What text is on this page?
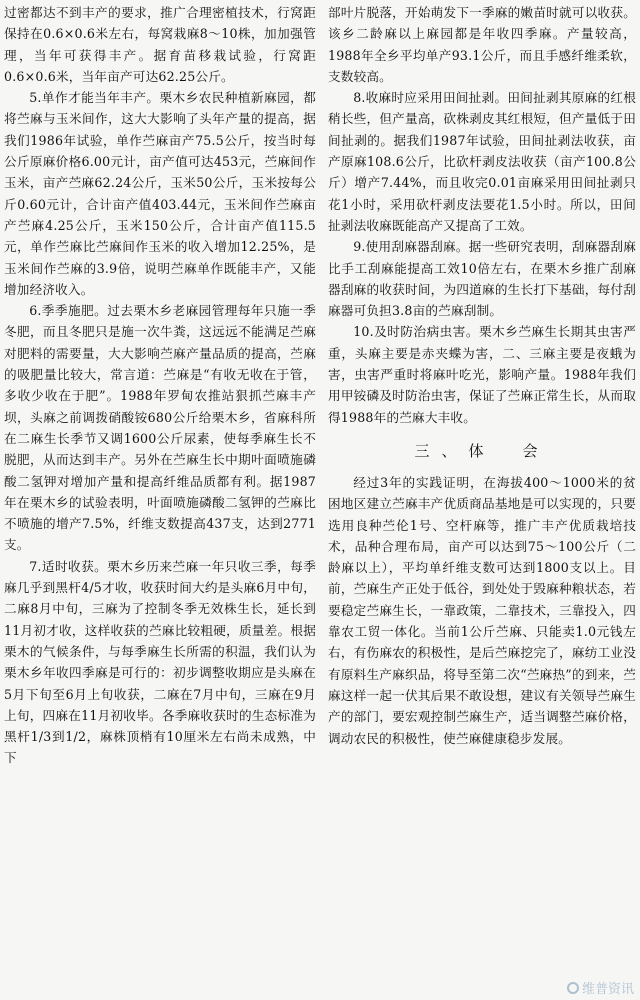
过密都达不到丰产的要求，推广合理密植技术，行窝距保持在0.6×0.6米左右，每窝栽麻8～10株，加加强管理，当年可获得丰产。据育苗移栽试验，行窝距0.6×0.6米，当年亩产可达62.25公斤。

5.单作才能当年丰产。栗木乡农民种植新麻园，都将苎麻与玉米间作，这大大影响了头年产量的提高，据我们1986年试验，单作苎麻亩产75.5公斤，按当时每公斤原麻价格6.00元计，亩产值可达453元，苎麻间作玉米，亩产苎麻62.24公斤，玉米50公斤，玉米按每公斤0.60元计，合计亩产值403.44元，玉米间作苎麻亩产苎麻4.25公斤，玉米150公斤，合计亩产值115.5元，单作苎麻比苎麻间作玉米的收入增加12.25%，是玉米间作苎麻的3.9倍，说明苎麻单作既能丰产，又能增加经济收入。

6.季季施肥。过去栗木乡老麻园管理每年只施一季冬肥，而且冬肥只是施一次牛粪，这远远不能满足苎麻对肥料的需要量，大大影响苎麻产量品质的提高，苎麻的吸肥量比较大，常言道：苎麻是“有收无收在于管，多收少收在于肥”。1988年罗甸农推站狠抓苎麻丰产坝，头麻之前调拨硝酸铵680公斤给栗木乡，省麻科所在二麻生长季节又调1600公斤尿素，使每季麻生长不脱肥，从而达到丰产。另外在苎麻生长中期叶面喷施磷酸二氢钾对增加产量和提高纤维品质都有利。据1987年在栗木乡的试验表明，叶面喷施磷酸二氢钾的苎麻比不喷施的增产7.5%，纤维支数提高437支，达到2771支。

7.适时收获。栗木乡历来苎麻一年只收三季，每季麻几乎到黑杆4/5才收，收获时间大约是头麻6月中旬，二麻8月中旬，三麻为了控制冬季无效株生长，延长到11月初才收，这样收获的苎麻比较粗硬，质量差。根据栗木的气候条件，与每季麻生长所需的积温，我们认为栗木乡年收四季麻是可行的：初步调整收期应是头麻在5月下旬至6月上旬收获，二麻在7月中旬，三麻在9月上旬，四麻在11月初收毕。各季麻收获时的生态标准为黑杆1/3到1/2，麻株顶梢有10厘米左右尚未成熟，中下

部叶片脱落，开始萌发下一季麻的嫩苗时就可以收获。该乡二龄麻以上麻园都是年收四季麻。产量较高，1988年全乡平均单产93.1公斤，而且手感纤维柔软，支数较高。

8.收麻时应采用田间扯剥。田间扯剥其原麻的红根稍长些，但产量高，砍株剥皮其红根短，但产量低于田间扯剥的。据我们1987年试验，田间扯剥法收获，亩产原麻108.6公斤，比砍杆剥皮法收获（亩产100.8公斤）增产7.44%，而且收完0.01亩麻采用田间扯剥只花1小时，采用砍杆剥皮法要花1.5小时。所以，田间扯剥法收麻既能高产又提高了工效。

9.使用刮麻器刮麻。据一些研究表明，刮麻器刮麻比手工刮麻能提高工效10倍左右，在栗木乡推广刮麻器刮麻的收获时间，为四道麻的生长打下基础，每付刮麻器可负担3.8亩的苎麻刮制。

10.及时防治病虫害。栗木乡苎麻生长期其虫害严重，头麻主要是赤夹蝶为害，二、三麻主要是夜蛾为害，虫害严重时将麻叶吃光，影响产量。1988年我们用甲铵磷及时防治虫害，保证了苎麻正常生长，从而取得1988年的苎麻大丰收。

三、体　会

经过3年的实践证明，在海拔400～1000米的贫困地区建立苎麻丰产优质商品基地是可以实现的，只要选用良种苎伦1号、空杆麻等，推广丰产优质栽培技术，品种合理布局，亩产可以达到75～100公斤（二龄麻以上），平均单纤维支数可达到1800支以上。目前，苎麻生产正处于低谷，到处处于毁麻种粮状态，若要稳定苎麻生长，一靠政策，二靠技术，三靠投入，四靠农工贸一体化。当前1公斤苎麻、只能卖1.0元钱左右，有伤麻农的积极性，是后苎麻挖完了，麻纺工业没有原料生产麻织品，将导至第二次“苎麻热”的到来，苎麻这样一起一伏其后果不敢设想，建议有关领导苎麻生产的部门，要宏观控制苎麻生产，适当调整苎麻价格，调动农民的积极性，使苎麻健康稳步发展。

维普资讯
